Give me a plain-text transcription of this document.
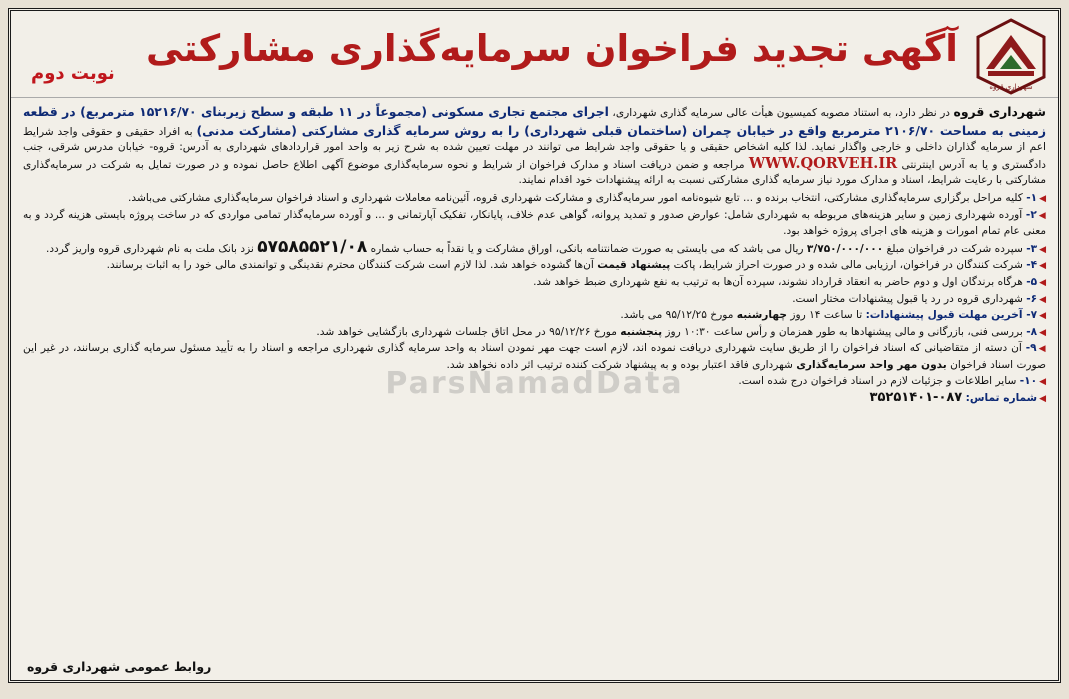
شهرداری قروه
آگهی تجدید فراخوان سرمایه‌گذاری مشارکتی
نوبت دوم
ParsNamadData

شهرداری قروه در نظر دارد، به استناد مصوبه کمیسیون هیأت عالی سرمایه گذاری شهرداری، اجرای مجتمع تجاری مسکونی (مجموعاً در ۱۱ طبقه و سطح زیربنای ۱۵۲۱۶/۷۰ مترمربع) در قطعه زمینی به مساحت ۲۱۰۶/۷۰ مترمربع واقع در خیابان چمران (ساختمان قبلی شهرداری) را به روش سرمایه گذاری مشارکتی (مشارکت مدنی) به افراد حقیقی و حقوقی واجد شرایط اعم از سرمایه گذاران داخلی و خارجی واگذار نماید. لذا کلیه اشخاص حقیقی و یا حقوقی واجد شرایط می توانند در مهلت تعیین شده به شرح زیر به واحد امور قراردادهای شهرداری به آدرس: قروه- خیابان مدرس شرقی، جنب دادگستری و یا به آدرس اینترنتی WWW.QORVEH.IR مراجعه و ضمن دریافت اسناد و مدارک فراخوان از شرایط و نحوه سرمایه‌گذاری موضوع آگهی اطلاع حاصل نموده و در صورت تمایل به شرکت در سرمایه‌گذاری مشارکتی با رعایت شرایط، اسناد و مدارک مورد نیاز سرمایه گذاری مشارکتی نسبت به ارائه پیشنهادات خود اقدام نمایند.

◀۱- کلیه مراحل برگزاری سرمایه‌گذاری مشارکتی، انتخاب برنده و ... تابع شیوه‌نامه امور سرمایه‌گذاری و مشارکت شهرداری قروه، آئین‌نامه معاملات شهرداری و اسناد فراخوان سرمایه‌گذاری مشارکتی می‌باشد.
◀۲- آورده شهرداری زمین و سایر هزینه‌های مربوطه به شهرداری شامل: عوارض صدور و تمدید پروانه، گواهی عدم خلاف، پایانکار، تفکیک آپارتمانی و ... و آورده سرمایه‌گذار تمامی مواردی که در ساخت پروژه بایستی هزینه گردد و به معنی عام تمام امورات و هزینه های اجرای پروژه خواهد بود.
◀۳- سپرده شرکت در فراخوان مبلغ ۳/۷۵۰/۰۰۰/۰۰۰ ریال می باشد که می بایستی به صورت ضمانتنامه بانکی، اوراق مشارکت و یا نقداً به حساب شماره ۵۷۵۸۵۵۲۱/۰۸ نزد بانک ملت به نام شهرداری قروه واریز گردد.
◀۴- شرکت کنندگان در فراخوان، ارزیابی مالی شده و در صورت احراز شرایط، پاکت پیشنهاد قیمت آن‌ها گشوده خواهد شد. لذا لازم است شرکت کنندگان محترم نقدینگی و توانمندی مالی خود را به اثبات برسانند.
◀۵- هرگاه برندگان اول و دوم حاضر به انعقاد قرارداد نشوند، سپرده آن‌ها به ترتیب به نفع شهرداری ضبط خواهد شد.
◀۶- شهرداری قروه در رد یا قبول پیشنهادات مختار است.
◀۷- آخرین مهلت قبول پیشنهادات: تا ساعت ۱۴ روز چهارشنبه مورخ ۹۵/۱۲/۲۵ می باشد.
◀۸- بررسی فنی، بازرگانی و مالی پیشنهادها به طور همزمان و رأس ساعت ۱۰:۳۰ روز پنجشنبه مورخ ۹۵/۱۲/۲۶ در محل اتاق جلسات شهرداری بازگشایی خواهد شد.
◀۹- آن دسته از متقاضیانی که اسناد فراخوان را از طریق سایت شهرداری دریافت نموده اند، لازم است جهت مهر نمودن اسناد به واحد سرمایه گذاری شهرداری مراجعه و اسناد را به تأیید مسئول سرمایه گذاری برسانند، در غیر این صورت اسناد فراخوان بدون مهر واحد سرمایه‌گذاری شهرداری فاقد اعتبار بوده و به پیشنهاد شرکت کننده ترتیب اثر داده نخواهد شد.
◀۱۰- سایر اطلاعات و جزئیات لازم در اسناد فراخوان درج شده است.
◀شماره تماس: ۰۸۷-۳۵۲۵۱۴۰۱
روابط عمومی شهرداری قروه
